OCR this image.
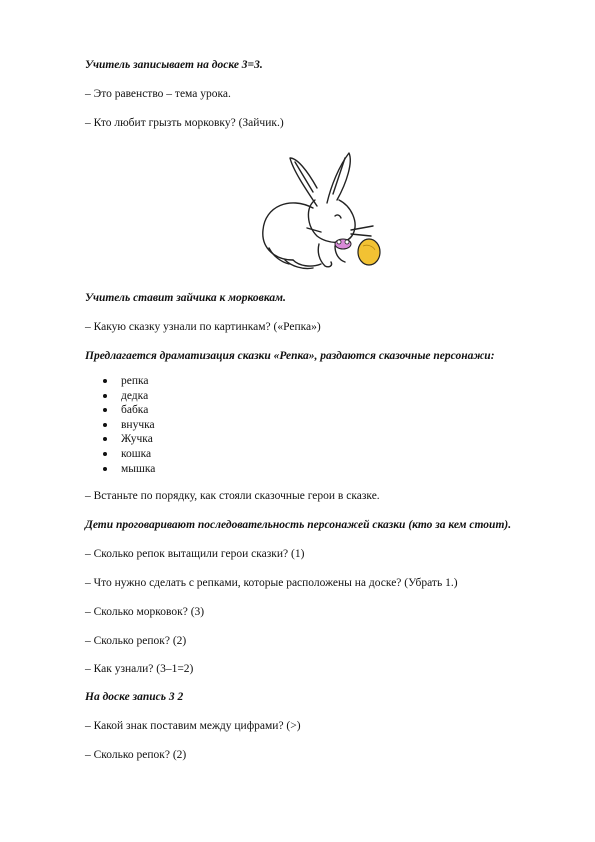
Учитель записывает на доске 3=3.
– Это равенство – тема урока.
– Кто любит грызть морковку? (Зайчик.)
Учитель ставит зайчика к морковкам.
– Какую сказку узнали по картинкам? («Репка»)
Предлагается драматизация сказки «Репка», раздаются сказочные персонажи:
репка
дедка
бабка
внучка
Жучка
кошка
мышка
– Встаньте по порядку, как стояли сказочные герои в сказке.
Дети проговаривают последовательность персонажей сказки (кто за кем стоит).
– Сколько репок вытащили герои сказки? (1)
– Что нужно сделать с репками, которые расположены на доске? (Убрать 1.)
– Сколько морковок? (3)
– Сколько репок? (2)
– Как узнали? (3–1=2)
На доске запись 3 2
– Какой знак поставим между цифрами? (>)
– Сколько репок? (2)
